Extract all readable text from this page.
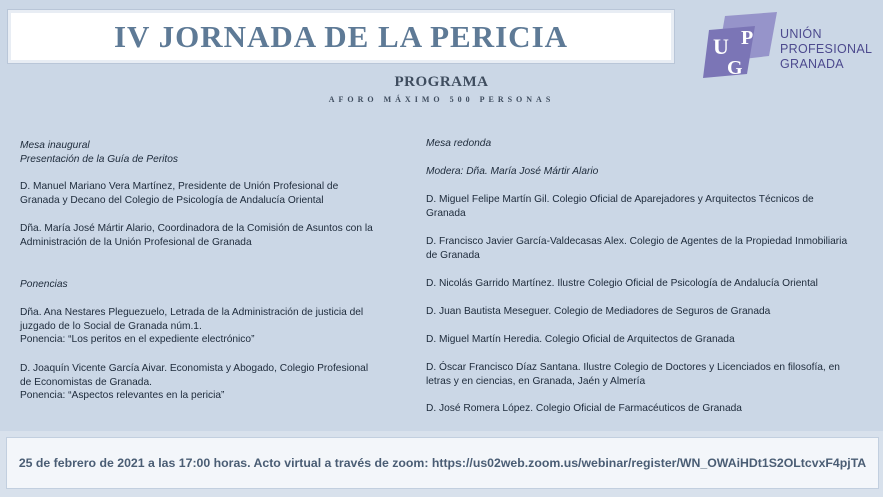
IV JORNADA DE LA PERICIA	U P
G
UNIÓN
PROFESIONAL
GRANADA
PROGRAMA
AFORO MÁXIMO 500 PERSONAS

Mesa inaugural

Presentación de la Guía de Peritos

D. Manuel Mariano Vera Martínez, Presidente de Unión Profesional de

Granada y Decano del Colegio de Psicología de Andalucía Oriental

Dña. María José Mártir Alario, Coordinadora de la Comisión de Asuntos con la

Administración de la Unión Profesional de Granada

Ponencias

Dña. Ana Nestares Pleguezuelo, Letrada de la Administración de justicia del

juzgado de lo Social de Granada núm.1.

Ponencia: “Los peritos en el expediente electrónico”

D. Joaquín Vicente García Aivar. Economista y Abogado, Colegio Profesional

de Economistas de Granada.

Ponencia: “Aspectos relevantes en la pericia”

Mesa redonda

Modera: Dña. María José Mártir Alario

D. Miguel Felipe Martín Gil. Colegio Oficial de Aparejadores y Arquitectos Técnicos de

Granada

D. Francisco Javier García-Valdecasas Alex. Colegio de Agentes de la Propiedad Inmobiliaria

de Granada

D. Nicolás Garrido Martínez. Ilustre Colegio Oficial de Psicología de Andalucía Oriental

D. Juan Bautista Meseguer. Colegio de Mediadores de Seguros de Granada

D. Miguel Martín Heredia. Colegio Oficial de Arquitectos de Granada

D. Óscar Francisco Díaz Santana. Ilustre Colegio de Doctores y Licenciados en filosofía, en

letras y en ciencias, en Granada, Jaén y Almería

D. José Romera López. Colegio Oficial de Farmacéuticos de Granada

25 de febrero de 2021 a las 17:00 horas. Acto virtual a través de zoom: https://us02web.zoom.us/webinar/register/WN_OWAiHDt1S2OLtcvxF4pjTA
